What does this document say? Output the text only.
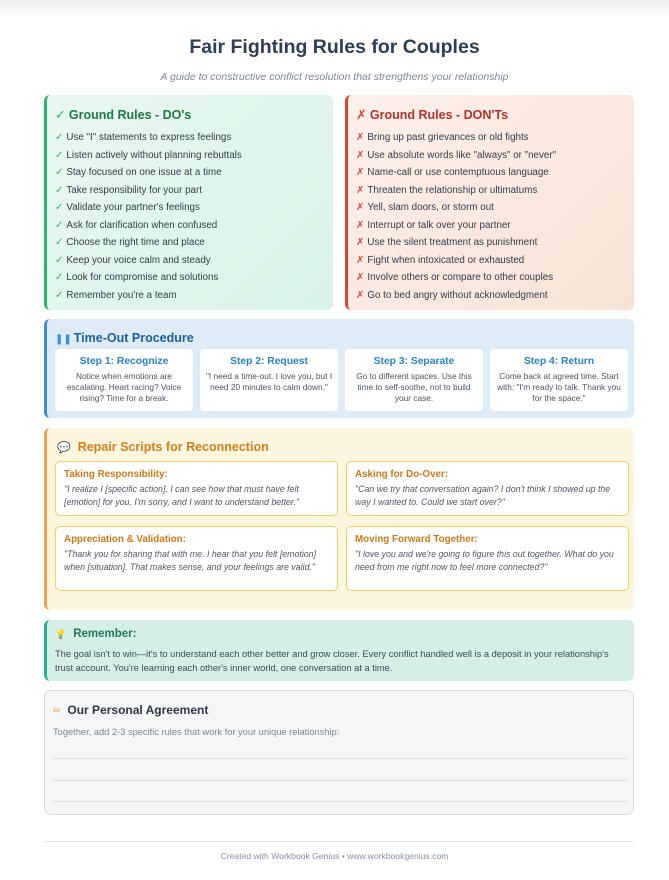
Fair Fighting Rules for Couples
A guide to constructive conflict resolution that strengthens your relationship
✓ Ground Rules - DO's
✓ Use "I" statements to express feelings
✓ Listen actively without planning rebuttals
✓ Stay focused on one issue at a time
✓ Take responsibility for your part
✓ Validate your partner's feelings
✓ Ask for clarification when confused
✓ Choose the right time and place
✓ Keep your voice calm and steady
✓ Look for compromise and solutions
✓ Remember you're a team
✗ Ground Rules - DON'Ts
✗ Bring up past grievances or old fights
✗ Use absolute words like "always" or "never"
✗ Name-call or use contemptuous language
✗ Threaten the relationship or ultimatums
✗ Yell, slam doors, or storm out
✗ Interrupt or talk over your partner
✗ Use the silent treatment as punishment
✗ Fight when intoxicated or exhausted
✗ Involve others or compare to other couples
✗ Go to bed angry without acknowledgment
❚❚ Time-Out Procedure
Step 1: Recognize
Notice when emotions are escalating. Heart racing? Voice rising? Time for a break.
Step 2: Request
"I need a time-out. I love you, but I need 20 minutes to calm down."
Step 3: Separate
Go to different spaces. Use this time to self-soothe, not to build your case.
Step 4: Return
Come back at agreed time. Start with: "I'm ready to talk. Thank you for the space."
💬 Repair Scripts for Reconnection
Taking Responsibility:
"I realize I [specific action]. I can see how that must have felt [emotion] for you. I'm sorry, and I want to understand better."
Asking for Do-Over:
"Can we try that conversation again? I don't think I showed up the way I wanted to. Could we start over?"
Appreciation & Validation:
"Thank you for sharing that with me. I hear that you felt [emotion] when [situation]. That makes sense, and your feelings are valid."
Moving Forward Together:
"I love you and we're going to figure this out together. What do you need from me right now to feel more connected?"
💡 Remember:
The goal isn't to win—it's to understand each other better and grow closer. Every conflict handled well is a deposit in your relationship's trust account. You're learning each other's inner world, one conversation at a time.
✏ Our Personal Agreement
Together, add 2-3 specific rules that work for your unique relationship:
Created with Workbook Genius • www.workbookgenius.com
